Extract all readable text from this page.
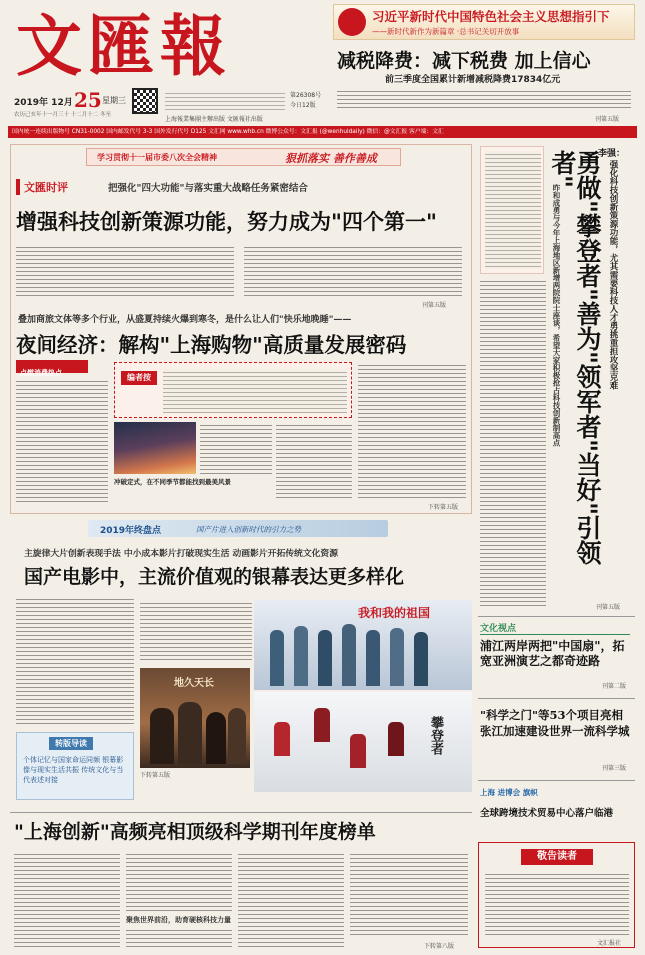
文匯報
2019年 12月 25 星期三
农历己亥年十一月三十 十二月十二 冬至
上海報業集團主辦出版 文匯報社出版
今日12版
第26308号
习近平新时代中国特色社会主义思想指引下
——新时代新作为新篇章 ·总书记关切开放事
减税降费：减下税费 加上信心
前三季度全国累计新增减税降费17834亿元
刊第五版
国内统一连续出版物号 CN31-0002 国内邮发代号 3-3 国外发行代号 D125 文汇网 www.whb.cn 微博公众号：文汇报 (@wenhuidaily) 微信：@文汇报 客户端：文汇
学习贯彻十一届市委八次全会精神	狠抓落实 善作善成
文匯时评	把强化"四大功能"与落实重大战略任务紧密结合
增强科技创新策源功能，努力成为"四个第一"
刊第五版
叠加商旅文体等多个行业，从盛夏持续火爆到寒冬，是什么让人们"快乐地晚睡"——
夜间经济：解构"上海购物"高质量发展密码
点燃消费热点	编者按
冲破定式，在不同季节都能找到最美风景
下转第五版
李强：
勇做"攀登者"善为"领军者"当好"引领者"	强化科技创新策源功能，尤其需要科技人才勇挑重担攻坚克难
昨和成勇与今年上海地区新增两院院士座谈，希望大家积极抢占科技创新制高点
刊第五版
2019年终盘点	国产片进入创新时代的引力之势
主旋律大片创新表现手法 中小成本影片打破现实生活 动画影片开拓传统文化资源
国产电影中，主流价值观的银幕表达更多样化
我和我的祖国
地久天长
攀登者
转版导读
个体记忆与国家命运同频 银幕影像与现实生活共振 传统文化与当代表述对接
下转第五版
文化视点
浦江两岸两把"中国扇"，拓宽亚洲演艺之都奇迹路
刊第二版
"科学之门"等53个项目亮相 张江加速建设世界一流科学城
刊第三版
上海 进博会 旗帜
全球跨境技术贸易中心落户临港
敬告读者
文汇报社
"上海创新"高频亮相顶级科学期刊年度榜单
聚焦世界前沿，助育硬核科技力量
下转第八版
